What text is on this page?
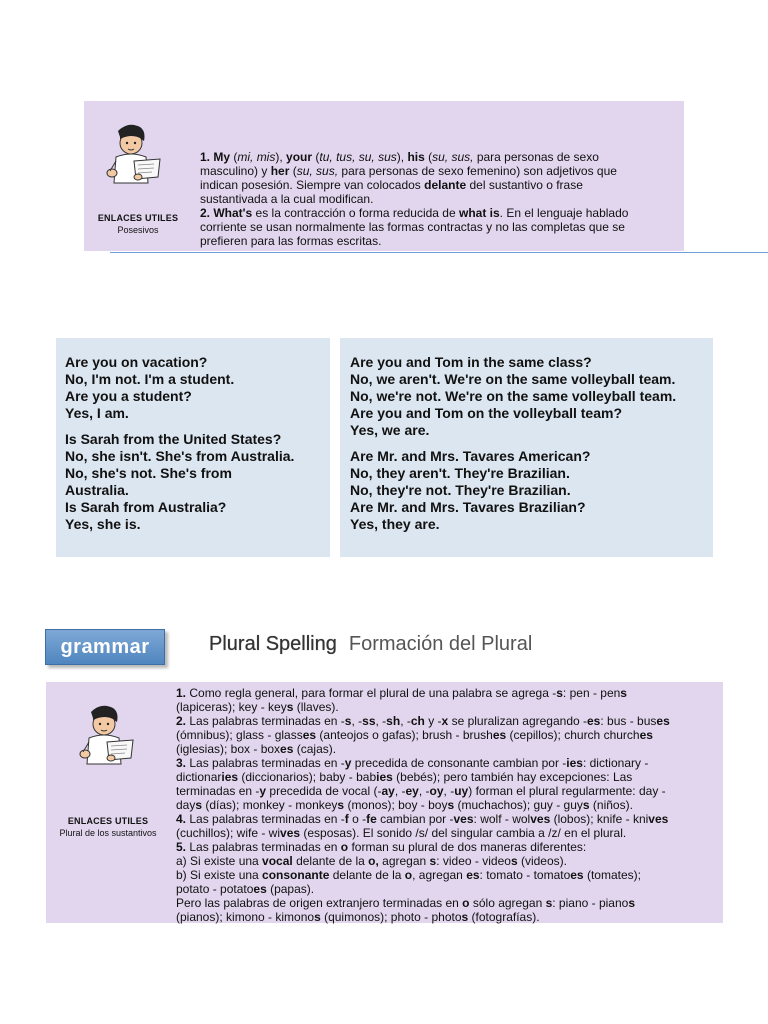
ENLACES UTILES
Posesivos
1. My (mi, mis), your (tu, tus, su, sus), his (su, sus, para personas de sexo
masculino) y her (su, sus, para personas de sexo femenino) son adjetivos que
indican posesión. Siempre van colocados delante del sustantivo o frase
sustantivada a la cual modifican.
2. What's es la contracción o forma reducida de what is. En el lenguaje hablado
corriente se usan normalmente las formas contractas y no las completas que se
prefieren para las formas escritas.
Are you on vacation?
No, I'm not. I'm a student.
Are you a student?
Yes, I am.
Is Sarah from the United States?
No, she isn't. She's from Australia.
No, she's not. She's from
Australia.
Is Sarah from Australia?
Yes, she is.
Are you and Tom in the same class?
No, we aren't. We're on the same volleyball team.
No, we're not. We're on the same volleyball team.
Are you and Tom on the volleyball team?
Yes, we are.
Are Mr. and Mrs. Tavares American?
No, they aren't. They're Brazilian.
No, they're not. They're Brazilian.
Are Mr. and Mrs. Tavares Brazilian?
Yes, they are.
grammar	Plural Spelling Formación del Plural
ENLACES UTILES
Plural de los sustantivos
1. Como regla general, para formar el plural de una palabra se agrega -s: pen - pens
(lapiceras); key - keys (llaves).
2. Las palabras terminadas en -s, -ss, -sh, -ch y -x se pluralizan agregando -es: bus - buses
(ómnibus); glass - glasses (anteojos o gafas); brush - brushes (cepillos); church churches
(iglesias); box - boxes (cajas).
3. Las palabras terminadas en -y precedida de consonante cambian por -ies: dictionary -
dictionaries (diccionarios); baby - babies (bebés); pero también hay excepciones: Las
terminadas en -y precedida de vocal (-ay, -ey, -oy, -uy) forman el plural regularmente: day -
days (días); monkey - monkeys (monos); boy - boys (muchachos); guy - guys (niños).
4. Las palabras terminadas en -f o -fe cambian por -ves: wolf - wolves (lobos); knife - knives
(cuchillos); wife - wives (esposas). El sonido /s/ del singular cambia a /z/ en el plural.
5. Las palabras terminadas en o forman su plural de dos maneras diferentes:
a) Si existe una vocal delante de la o, agregan s: video - videos (videos).
b) Si existe una consonante delante de la o, agregan es: tomato - tomatoes (tomates);
potato - potatoes (papas).
Pero las palabras de origen extranjero terminadas en o sólo agregan s: piano - pianos
(pianos); kimono - kimonos (quimonos); photo - photos (fotografías).
